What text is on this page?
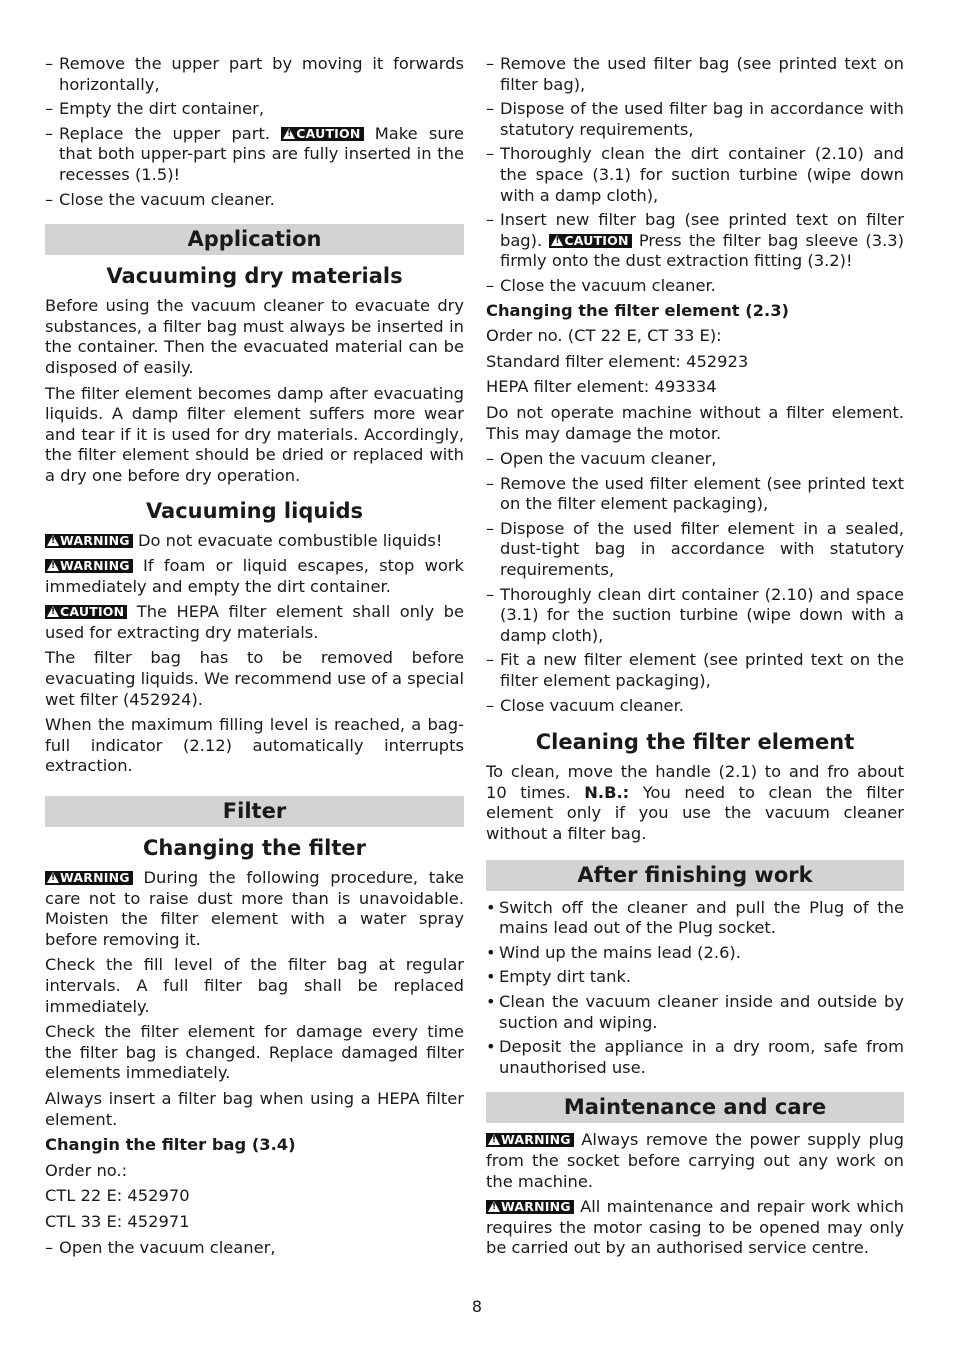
– Remove the upper part by moving it forwards horizontally,
– Empty the dirt container,
– Replace the upper part. ! CAUTION Make sure that both upper-part pins are fully inserted in the recesses (1.5)!
– Close the vacuum cleaner.
Application
Vacuuming dry materials

Before using the vacuum cleaner to evacuate dry substances, a filter bag must always be inserted in the container. Then the evacuated material can be disposed of easily.

The filter element becomes damp after evacuating liquids. A damp filter element suffers more wear and tear if it is used for dry materials. Accordingly, the filter element should be dried or replaced with a dry one before dry operation.

Vacuuming liquids

!WARNING Do not evacuate combustible liquids!

!WARNING If foam or liquid escapes, stop work immediately and empty the dirt container.

!CAUTION The HEPA filter element shall only be used for extracting dry materials.

The filter bag has to be removed before evacuating liquids. We recommend use of a special wet filter (452924).

When the maximum filling level is reached, a bag-full indicator (2.12) automatically interrupts extraction.

Filter
Changing the filter

!WARNING During the following procedure, take care not to raise dust more than is unavoidable. Moisten the filter element with a water spray before removing it.

Check the fill level of the filter bag at regular intervals. A full filter bag shall be replaced immediately.

Check the filter element for damage every time the filter bag is changed. Replace damaged filter elements immediately.

Always insert a filter bag when using a HEPA filter element.

Changin the filter bag (3.4)

Order no.:

CTL 22 E: 452970

CTL 33 E: 452971

– Open the vacuum cleaner,
– Remove the used filter bag (see printed text on filter bag),
– Dispose of the used filter bag in accordance with statutory requirements,
– Thoroughly clean the dirt container (2.10) and the space (3.1) for suction turbine (wipe down with a damp cloth),
– Insert new filter bag (see printed text on filter bag). ! CAUTION Press the filter bag sleeve (3.3) firmly onto the dust extraction fitting (3.2)!
– Close the vacuum cleaner.
Changing the filter element (2.3)

Order no. (CT 22 E, CT 33 E):

Standard filter element: 452923

HEPA filter element: 493334

Do not operate machine without a filter element. This may damage the motor.

– Open the vacuum cleaner,
– Remove the used filter element (see printed text on the filter element packaging),
– Dispose of the used filter element in a sealed, dust-tight bag in accordance with statutory requirements,
– Thoroughly clean dirt container (2.10) and space (3.1) for the suction turbine (wipe down with a damp cloth),
– Fit a new filter element (see printed text on the filter element packaging),
– Close vacuum cleaner.
Cleaning the filter element

To clean, move the handle (2.1) to and fro about 10 times. N.B.: You need to clean the filter element only if you use the vacuum cleaner without a filter bag.

After finishing work
• Switch off the cleaner and pull the Plug of the mains lead out of the Plug socket.
• Wind up the mains lead (2.6).
• Empty dirt tank.
• Clean the vacuum cleaner inside and outside by suction and wiping.
• Deposit the appliance in a dry room, safe from unauthorised use.
Maintenance and care

!WARNING Always remove the power supply plug from the socket before carrying out any work on the machine.

!WARNING All maintenance and repair work which requires the motor casing to be opened may only be carried out by an authorised service centre.

8
